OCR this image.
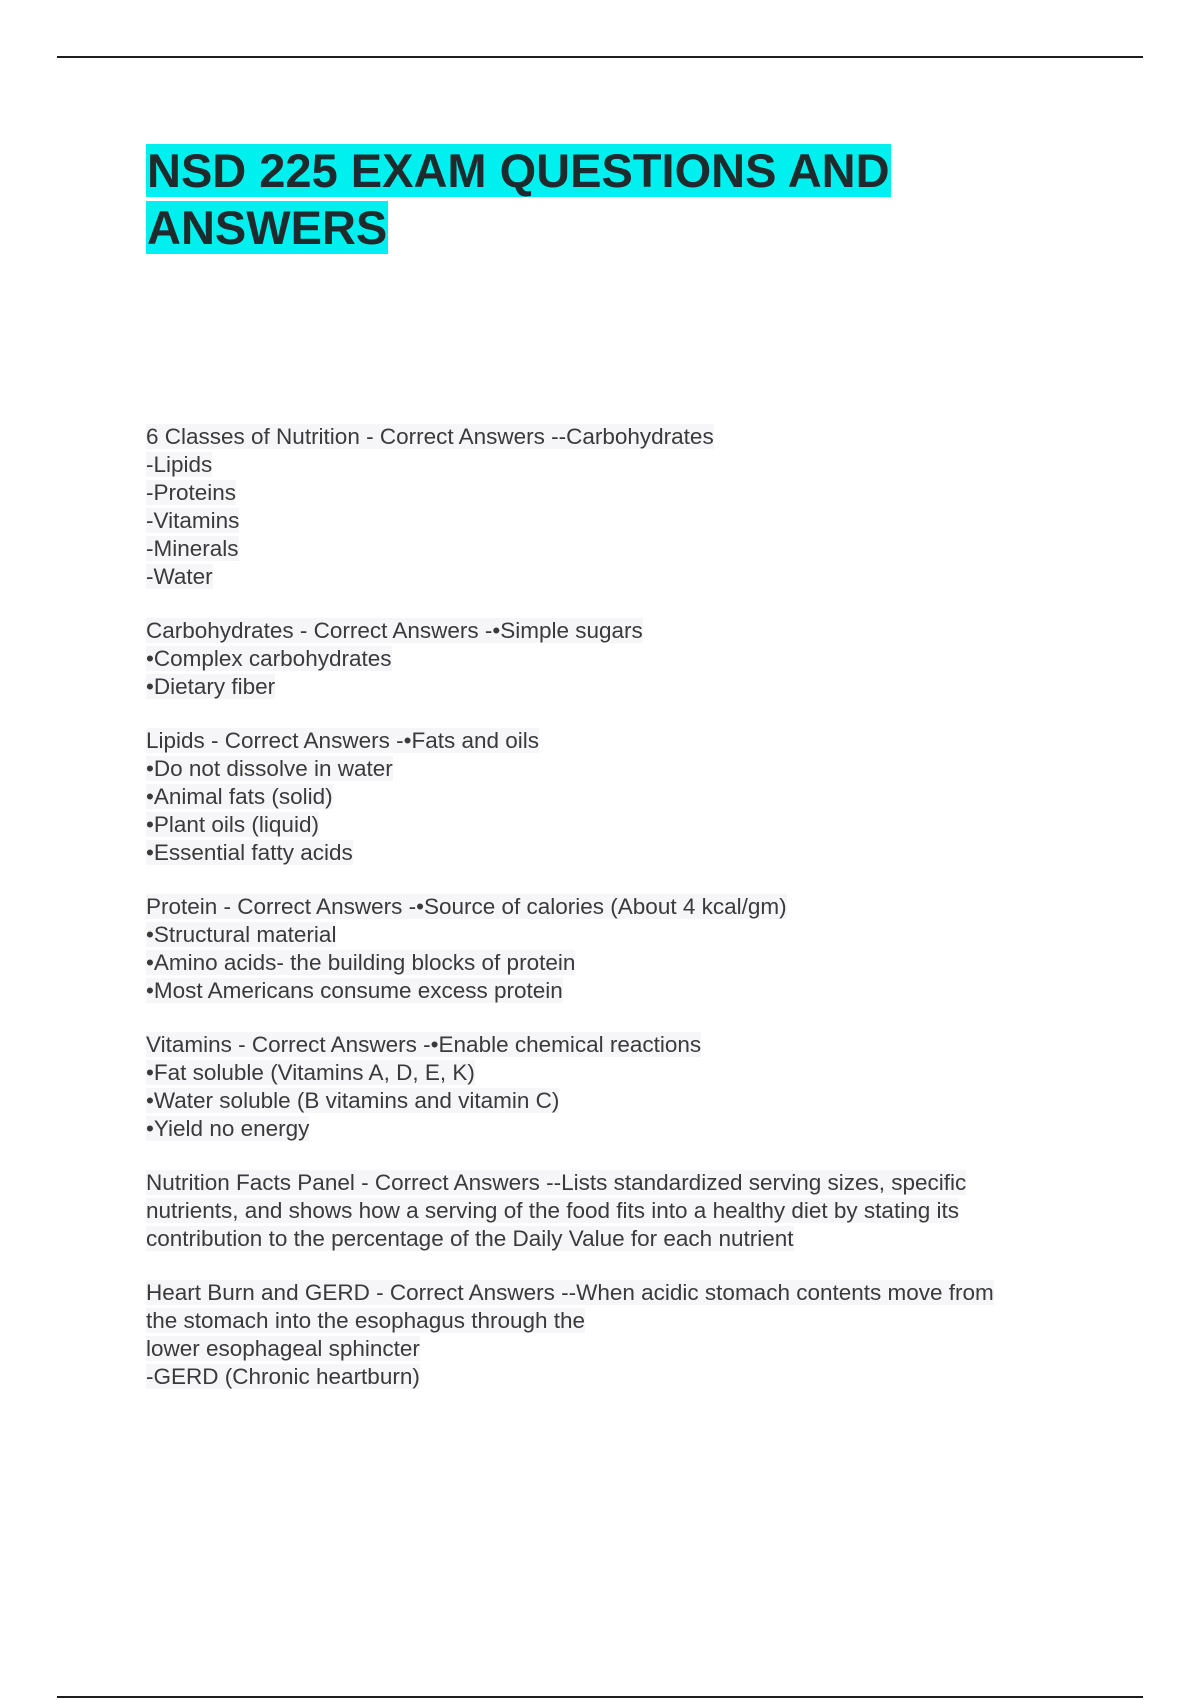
NSD 225 EXAM QUESTIONS AND
ANSWERS
6 Classes of Nutrition - Correct Answers --Carbohydrates
-Lipids
-Proteins
-Vitamins
-Minerals
-Water
Carbohydrates - Correct Answers -•Simple sugars
•Complex carbohydrates
•Dietary fiber
Lipids - Correct Answers -•Fats and oils
•Do not dissolve in water
•Animal fats (solid)
•Plant oils (liquid)
•Essential fatty acids
Protein - Correct Answers -•Source of calories (About 4 kcal/gm)
•Structural material
•Amino acids- the building blocks of protein
•Most Americans consume excess protein
Vitamins - Correct Answers -•Enable chemical reactions
•Fat soluble (Vitamins A, D, E, K)
•Water soluble (B vitamins and vitamin C)
•Yield no energy
Nutrition Facts Panel - Correct Answers --Lists standardized serving sizes, specific
nutrients, and shows how a serving of the food fits into a healthy diet by stating its
contribution to the percentage of the Daily Value for each nutrient
Heart Burn and GERD - Correct Answers --When acidic stomach contents move from
the stomach into the esophagus through the
lower esophageal sphincter
-GERD (Chronic heartburn)
